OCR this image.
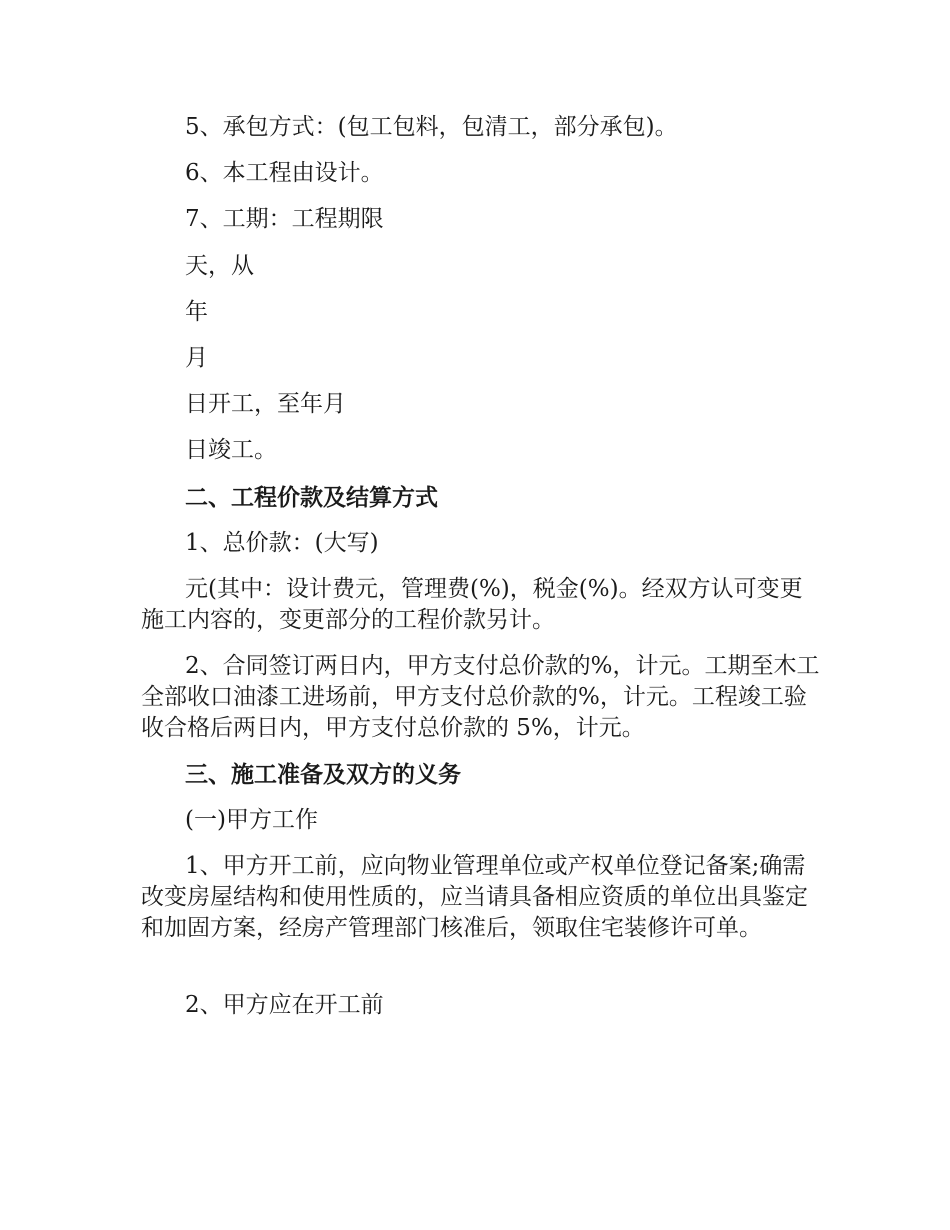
5、承包方式：(包工包料，包清工，部分承包)。

6、本工程由设计。

7、工期：工程期限

天，从

年

月

日开工，至年月

日竣工。

二、工程价款及结算方式

1、总价款：(大写)

元(其中：设计费元，管理费(%)，税金(%)。经双方认可变更施工内容的，变更部分的工程价款另计。

2、合同签订两日内，甲方支付总价款的%，计元。工期至木工全部收口油漆工进场前，甲方支付总价款的%，计元。工程竣工验收合格后两日内，甲方支付总价款的 5%，计元。

三、施工准备及双方的义务

(一)甲方工作

1、甲方开工前，应向物业管理单位或产权单位登记备案;确需改变房屋结构和使用性质的，应当请具备相应资质的单位出具鉴定和加固方案，经房产管理部门核准后，领取住宅装修许可单。

2、甲方应在开工前
